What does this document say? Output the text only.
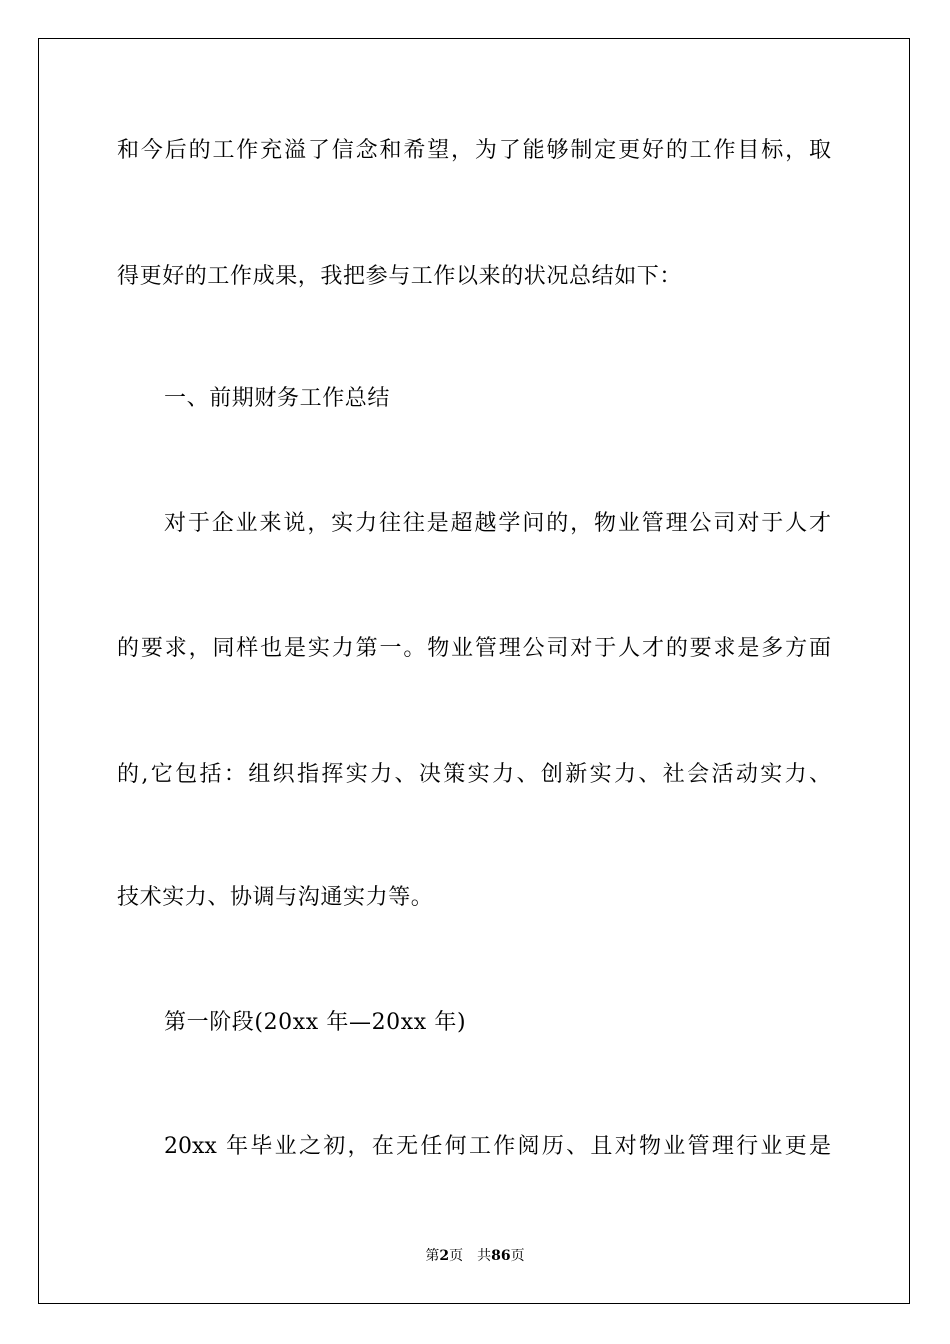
和今后的工作充溢了信念和希望，为了能够制定更好的工作目标，取
得更好的工作成果，我把参与工作以来的状况总结如下：
一、前期财务工作总结
对于企业来说，实力往往是超越学问的，物业管理公司对于人才
的要求，同样也是实力第一。物业管理公司对于人才的要求是多方面
的,它包括：组织指挥实力、决策实力、创新实力、社会活动实力、
技术实力、协调与沟通实力等。
第一阶段(20xx 年—20xx 年)
20xx 年毕业之初，在无任何工作阅历、且对物业管理行业更是
第2页 共86页
